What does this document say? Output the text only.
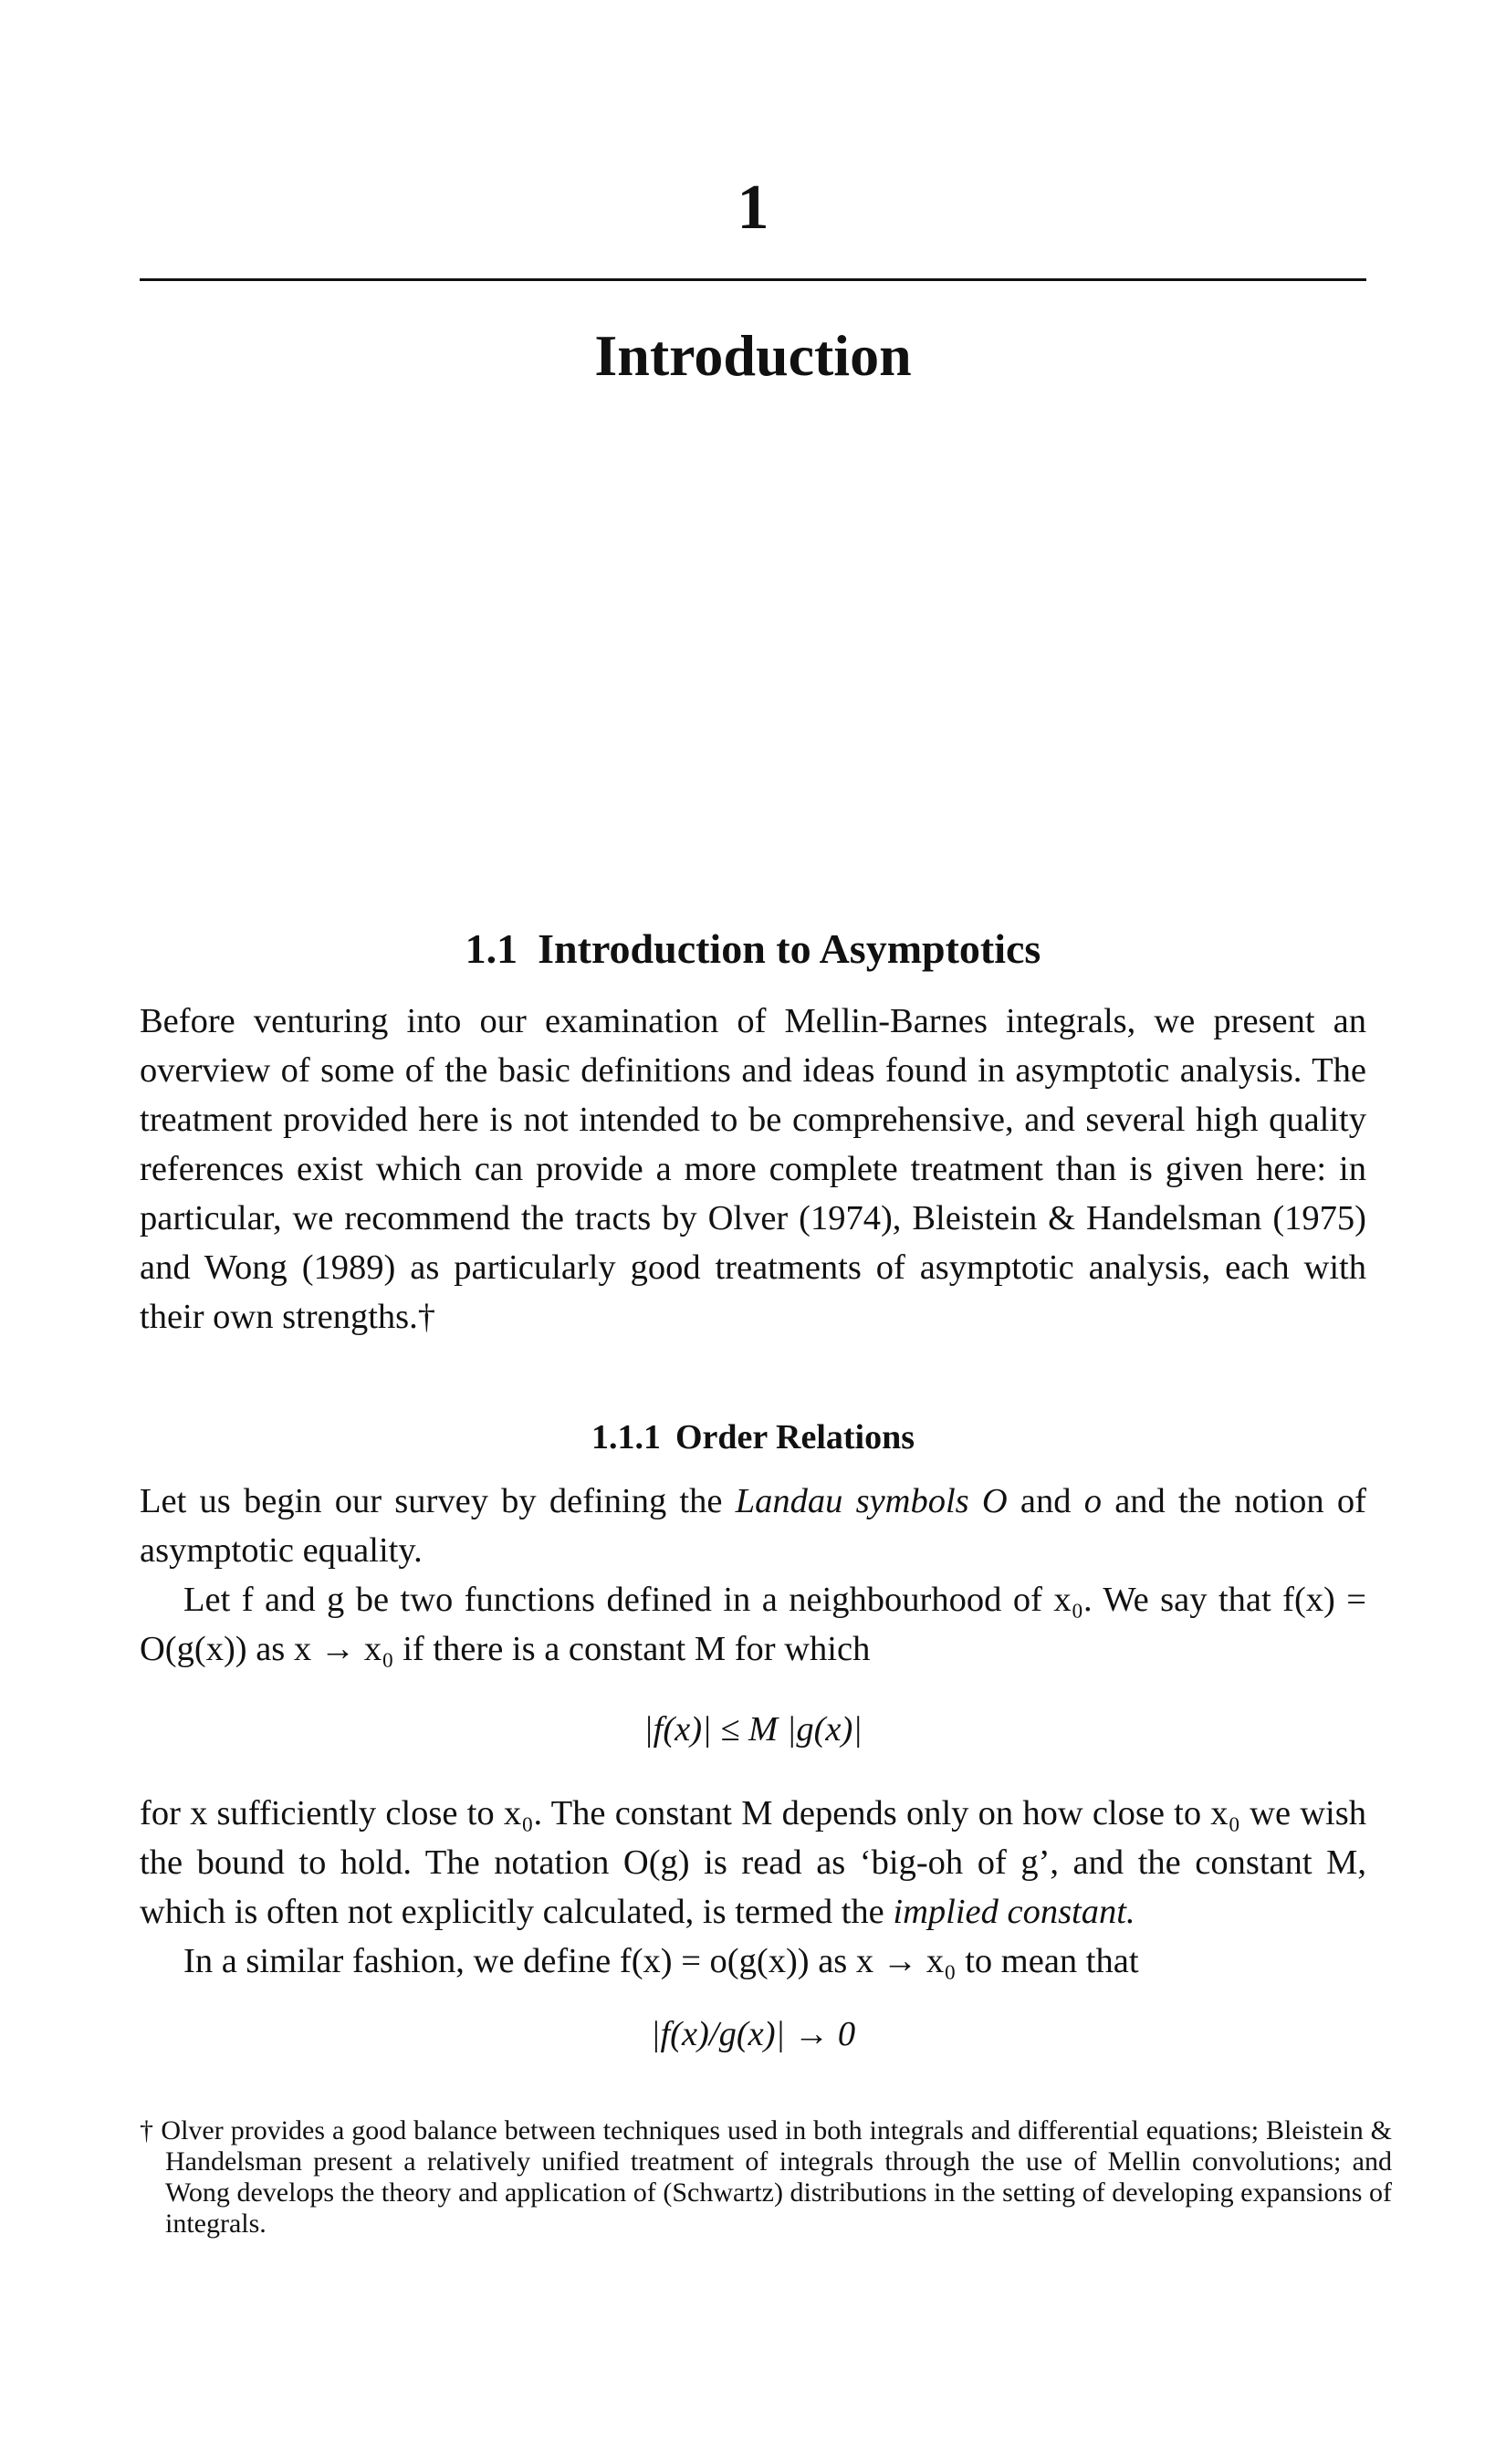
1
Introduction
1.1 Introduction to Asymptotics

Before venturing into our examination of Mellin-Barnes integrals, we present an overview of some of the basic definitions and ideas found in asymptotic analysis. The treatment provided here is not intended to be comprehensive, and several high quality references exist which can provide a more complete treatment than is given here: in particular, we recommend the tracts by Olver (1974), Bleistein & Handelsman (1975) and Wong (1989) as particularly good treatments of asymptotic analysis, each with their own strengths.†

1.1.1 Order Relations

Let us begin our survey by defining the Landau symbols O and o and the notion of asymptotic equality.

Let f and g be two functions defined in a neighbourhood of x₀. We say that f(x) = O(g(x)) as x → x₀ if there is a constant M for which

|f(x)| ≤ M |g(x)|

for x sufficiently close to x₀. The constant M depends only on how close to x₀ we wish the bound to hold. The notation O(g) is read as ‘big-oh of g’, and the constant M, which is often not explicitly calculated, is termed the implied constant.

In a similar fashion, we define f(x) = o(g(x)) as x → x₀ to mean that

|f(x)/g(x)| → 0

† Olver provides a good balance between techniques used in both integrals and differential equations; Bleistein & Handelsman present a relatively unified treatment of integrals through the use of Mellin convolutions; and Wong develops the theory and application of (Schwartz) distributions in the setting of developing expansions of integrals.
